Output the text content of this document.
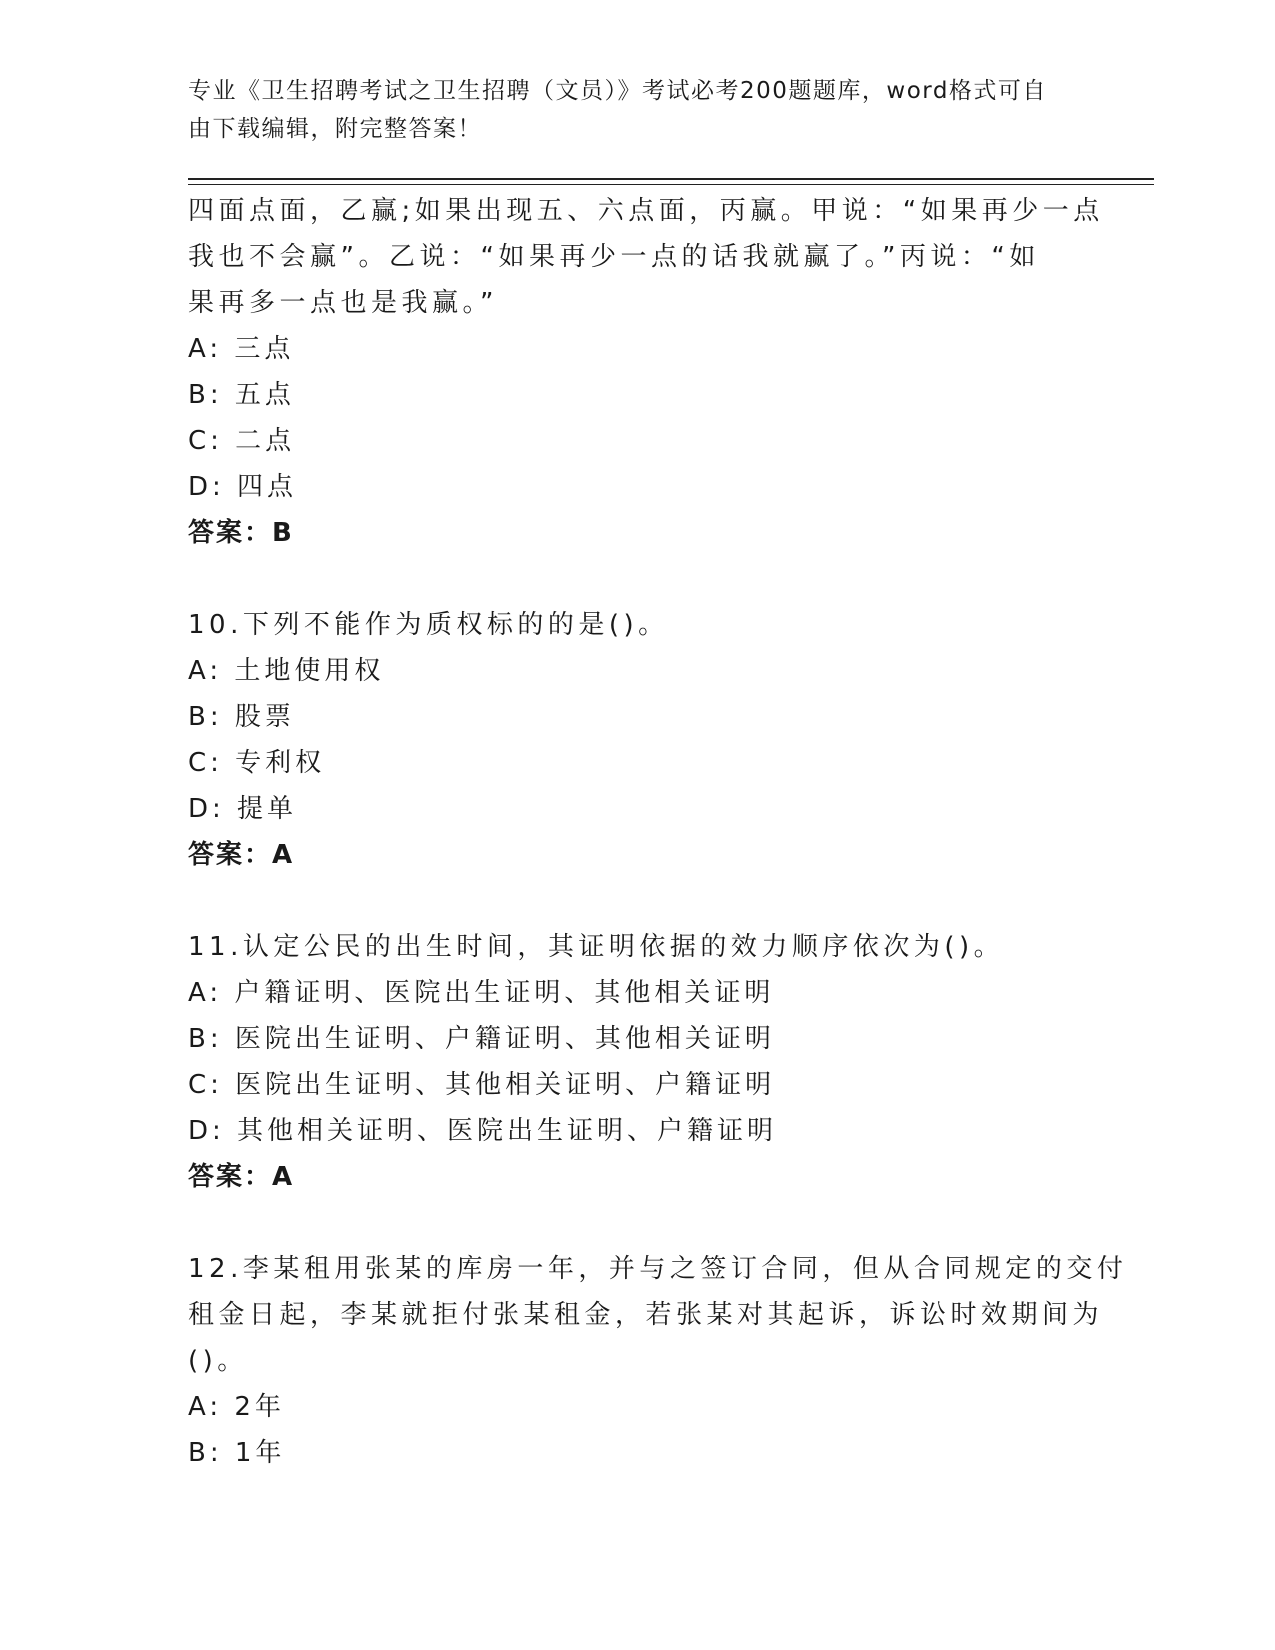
专业《卫生招聘考试之卫生招聘（文员）》考试必考200题题库，word格式可自
由下载编辑，附完整答案！
四面点面，乙赢;如果出现五、六点面，丙赢。甲说：“如果再少一点
我也不会赢”。乙说：“如果再少一点的话我就赢了。”丙说：“如
果再多一点也是我赢。”
A: 三点
B: 五点
C: 二点
D: 四点
答案：B
10.下列不能作为质权标的的是()。
A: 土地使用权
B: 股票
C: 专利权
D: 提单
答案：A
11.认定公民的出生时间，其证明依据的效力顺序依次为()。
A: 户籍证明、医院出生证明、其他相关证明
B: 医院出生证明、户籍证明、其他相关证明
C: 医院出生证明、其他相关证明、户籍证明
D: 其他相关证明、医院出生证明、户籍证明
答案：A
12.李某租用张某的库房一年，并与之签订合同，但从合同规定的交付
租金日起，李某就拒付张某租金，若张某对其起诉，诉讼时效期间为
()。
A: 2年
B: 1年
